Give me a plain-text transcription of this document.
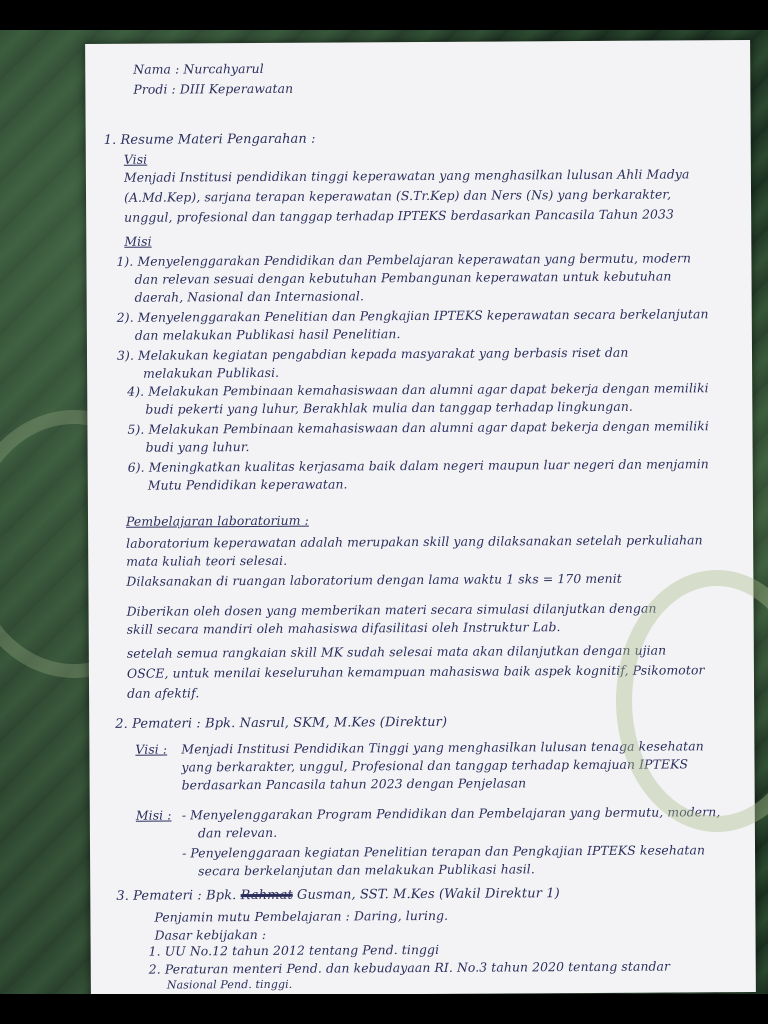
Nama : Nurcahyarul
Prodi : DIII Keperawatan
1. Resume Materi Pengarahan :
Visi
Menjadi Institusi pendidikan tinggi keperawatan yang menghasilkan lulusan Ahli Madya
(A.Md.Kep), sarjana terapan keperawatan (S.Tr.Kep) dan Ners (Ns) yang berkarakter,
unggul, profesional dan tanggap terhadap IPTEKS berdasarkan Pancasila Tahun 2033
Misi
1). Menyelenggarakan Pendidikan dan Pembelajaran keperawatan yang bermutu, modern
dan relevan sesuai dengan kebutuhan Pembangunan keperawatan untuk kebutuhan
daerah, Nasional dan Internasional.
2). Menyelenggarakan Penelitian dan Pengkajian IPTEKS keperawatan secara berkelanjutan
dan melakukan Publikasi hasil Penelitian.
3). Melakukan kegiatan pengabdian kepada masyarakat yang berbasis riset dan
melakukan Publikasi.
4). Melakukan Pembinaan kemahasiswaan dan alumni agar dapat bekerja dengan memiliki
budi pekerti yang luhur, Berakhlak mulia dan tanggap terhadap lingkungan.
5). Melakukan Pembinaan kemahasiswaan dan alumni agar dapat bekerja dengan memiliki
budi yang luhur.
6). Meningkatkan kualitas kerjasama baik dalam negeri maupun luar negeri dan menjamin
Mutu Pendidikan keperawatan.
Pembelajaran laboratorium :
laboratorium keperawatan adalah merupakan skill yang dilaksanakan setelah perkuliahan
mata kuliah teori selesai.
Dilaksanakan di ruangan laboratorium dengan lama waktu 1 sks = 170 menit
Diberikan oleh dosen yang memberikan materi secara simulasi dilanjutkan dengan
skill secara mandiri oleh mahasiswa difasilitasi oleh Instruktur Lab.
setelah semua rangkaian skill MK sudah selesai mata akan dilanjutkan dengan ujian
OSCE, untuk menilai keseluruhan kemampuan mahasiswa baik aspek kognitif, Psikomotor
dan afektif.
2. Pemateri : Bpk. Nasrul, SKM, M.Kes (Direktur)
Visi : Menjadi Institusi Pendidikan Tinggi yang menghasilkan lulusan tenaga kesehatan
yang berkarakter, unggul, Profesional dan tanggap terhadap kemajuan IPTEKS
berdasarkan Pancasila tahun 2023 dengan Penjelasan
Misi : - Menyelenggarakan Program Pendidikan dan Pembelajaran yang bermutu, modern,
dan relevan.
- Penyelenggaraan kegiatan Penelitian terapan dan Pengkajian IPTEKS kesehatan
secara berkelanjutan dan melakukan Publikasi hasil.
3. Pemateri : Bpk. Rahmat Gusman, SST. M.Kes (Wakil Direktur 1)
Penjamin mutu Pembelajaran : Daring, luring.
Dasar kebijakan :
1. UU No.12 tahun 2012 tentang Pend. tinggi
2. Peraturan menteri Pend. dan kebudayaan RI. No.3 tahun 2020 tentang standar
Nasional Pend. tinggi.
